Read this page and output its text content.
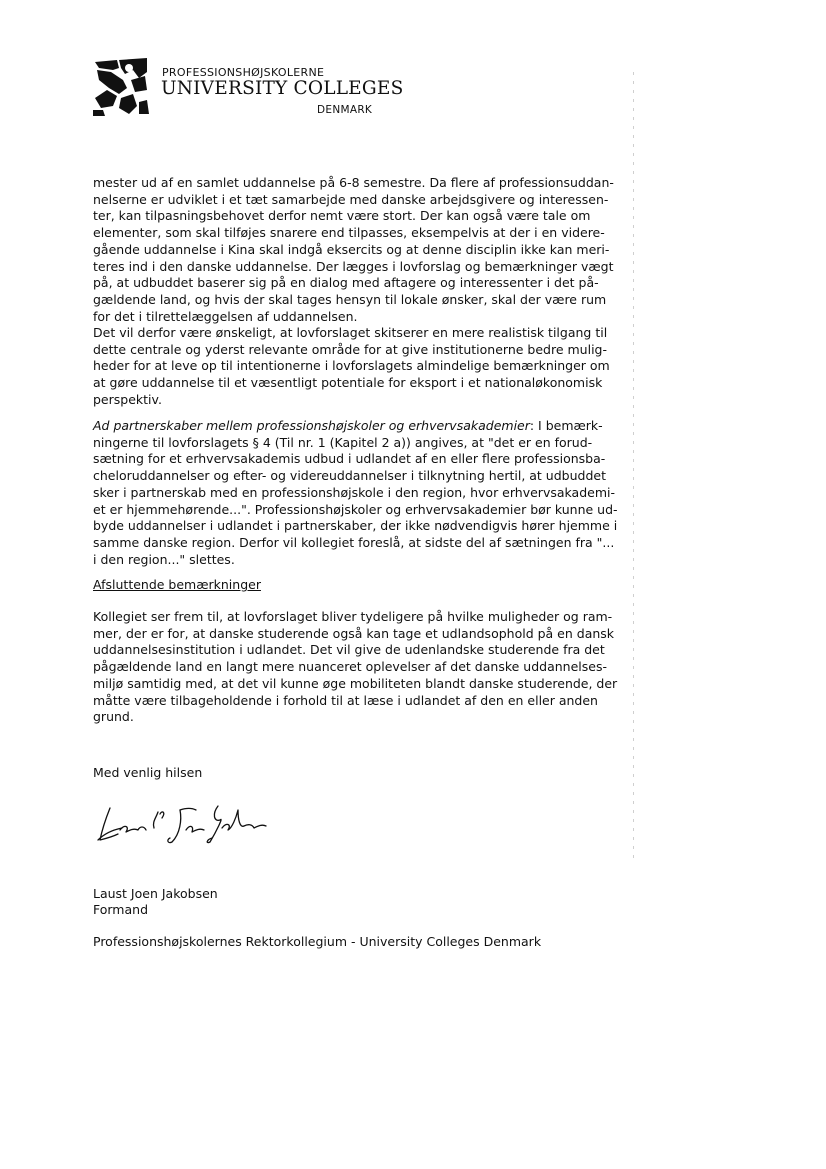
PROFESSIONSHØJSKOLERNE
UNIVERSITY COLLEGES
DENMARK
mester ud af en samlet uddannelse på 6-8 semestre. Da flere af professionsuddan-
nelserne er udviklet i et tæt samarbejde med danske arbejdsgivere og interessen-
ter, kan tilpasningsbehovet derfor nemt være stort. Der kan også være tale om
elementer, som skal tilføjes snarere end tilpasses, eksempelvis at der i en videre-
gående uddannelse i Kina skal indgå eksercits og at denne disciplin ikke kan meri-
teres ind i den danske uddannelse. Der lægges i lovforslag og bemærkninger vægt
på, at udbuddet baserer sig på en dialog med aftagere og interessenter i det på-
gældende land, og hvis der skal tages hensyn til lokale ønsker, skal der være rum
for det i tilrettelæggelsen af uddannelsen.
Det vil derfor være ønskeligt, at lovforslaget skitserer en mere realistisk tilgang til
dette centrale og yderst relevante område for at give institutionerne bedre mulig-
heder for at leve op til intentionerne i lovforslagets almindelige bemærkninger om
at gøre uddannelse til et væsentligt potentiale for eksport i et nationaløkonomisk
perspektiv.
Ad partnerskaber mellem professionshøjskoler og erhvervsakademier: I bemærk-
ningerne til lovforslagets § 4 (Til nr. 1 (Kapitel 2 a)) angives, at "det er en forud-
sætning for et erhvervsakademis udbud i udlandet af en eller flere professionsba-
cheloruddannelser og efter- og videreuddannelser i tilknytning hertil, at udbuddet
sker i partnerskab med en professionshøjskole i den region, hvor erhvervsakademi-
et er hjemmehørende...". Professionshøjskoler og erhvervsakademier bør kunne ud-
byde uddannelser i udlandet i partnerskaber, der ikke nødvendigvis hører hjemme i
samme danske region. Derfor vil kollegiet foreslå, at sidste del af sætningen fra "...
i den region..." slettes.
Afsluttende bemærkninger
Kollegiet ser frem til, at lovforslaget bliver tydeligere på hvilke muligheder og ram-
mer, der er for, at danske studerende også kan tage et udlandsophold på en dansk
uddannelsesinstitution i udlandet. Det vil give de udenlandske studerende fra det
pågældende land en langt mere nuanceret oplevelser af det danske uddannelses-
miljø samtidig med, at det vil kunne øge mobiliteten blandt danske studerende, der
måtte være tilbageholdende i forhold til at læse i udlandet af den en eller anden
grund.
Med venlig hilsen
Laust Joen Jakobsen
Formand
Professionshøjskolernes Rektorkollegium - University Colleges Denmark
